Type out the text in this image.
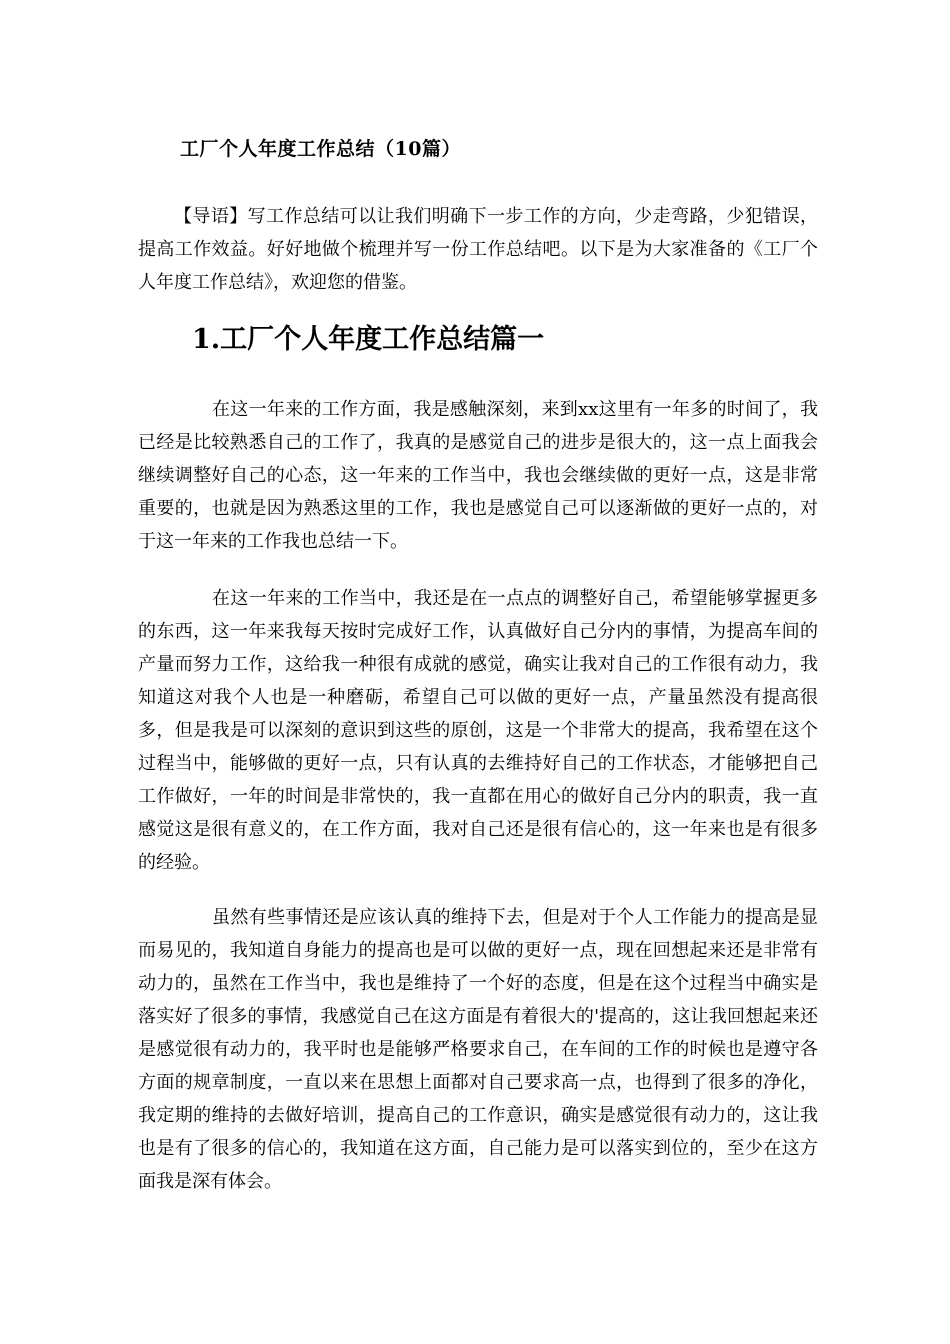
工厂个人年度工作总结（10篇）

【导语】写工作总结可以让我们明确下一步工作的方向，少走弯路，少犯错误，提高工作效益。好好地做个梳理并写一份工作总结吧。以下是为大家准备的《工厂个人年度工作总结》，欢迎您的借鉴。

1.工厂个人年度工作总结篇一

在这一年来的工作方面，我是感触深刻，来到xx这里有一年多的时间了，我已经是比较熟悉自己的工作了，我真的是感觉自己的进步是很大的，这一点上面我会继续调整好自己的心态，这一年来的工作当中，我也会继续做的更好一点，这是非常重要的，也就是因为熟悉这里的工作，我也是感觉自己可以逐渐做的更好一点的，对于这一年来的工作我也总结一下。

在这一年来的工作当中，我还是在一点点的调整好自己，希望能够掌握更多的东西，这一年来我每天按时完成好工作，认真做好自己分内的事情，为提高车间的产量而努力工作，这给我一种很有成就的感觉，确实让我对自己的工作很有动力，我知道这对我个人也是一种磨砺，希望自己可以做的更好一点，产量虽然没有提高很多，但是我是可以深刻的意识到这些的原创，这是一个非常大的提高，我希望在这个过程当中，能够做的更好一点，只有认真的去维持好自己的工作状态，才能够把自己工作做好，一年的时间是非常快的，我一直都在用心的做好自己分内的职责，我一直感觉这是很有意义的，在工作方面，我对自己还是很有信心的，这一年来也是有很多的经验。

虽然有些事情还是应该认真的维持下去，但是对于个人工作能力的提高是显而易见的，我知道自身能力的提高也是可以做的更好一点，现在回想起来还是非常有动力的，虽然在工作当中，我也是维持了一个好的态度，但是在这个过程当中确实是落实好了很多的事情，我感觉自己在这方面是有着很大的'提高的，这让我回想起来还是感觉很有动力的，我平时也是能够严格要求自己，在车间的工作的时候也是遵守各方面的规章制度，一直以来在思想上面都对自己要求高一点，也得到了很多的净化，我定期的维持的去做好培训，提高自己的工作意识，确实是感觉很有动力的，这让我也是有了很多的信心的，我知道在这方面，自己能力是可以落实到位的，至少在这方面我是深有体会。
